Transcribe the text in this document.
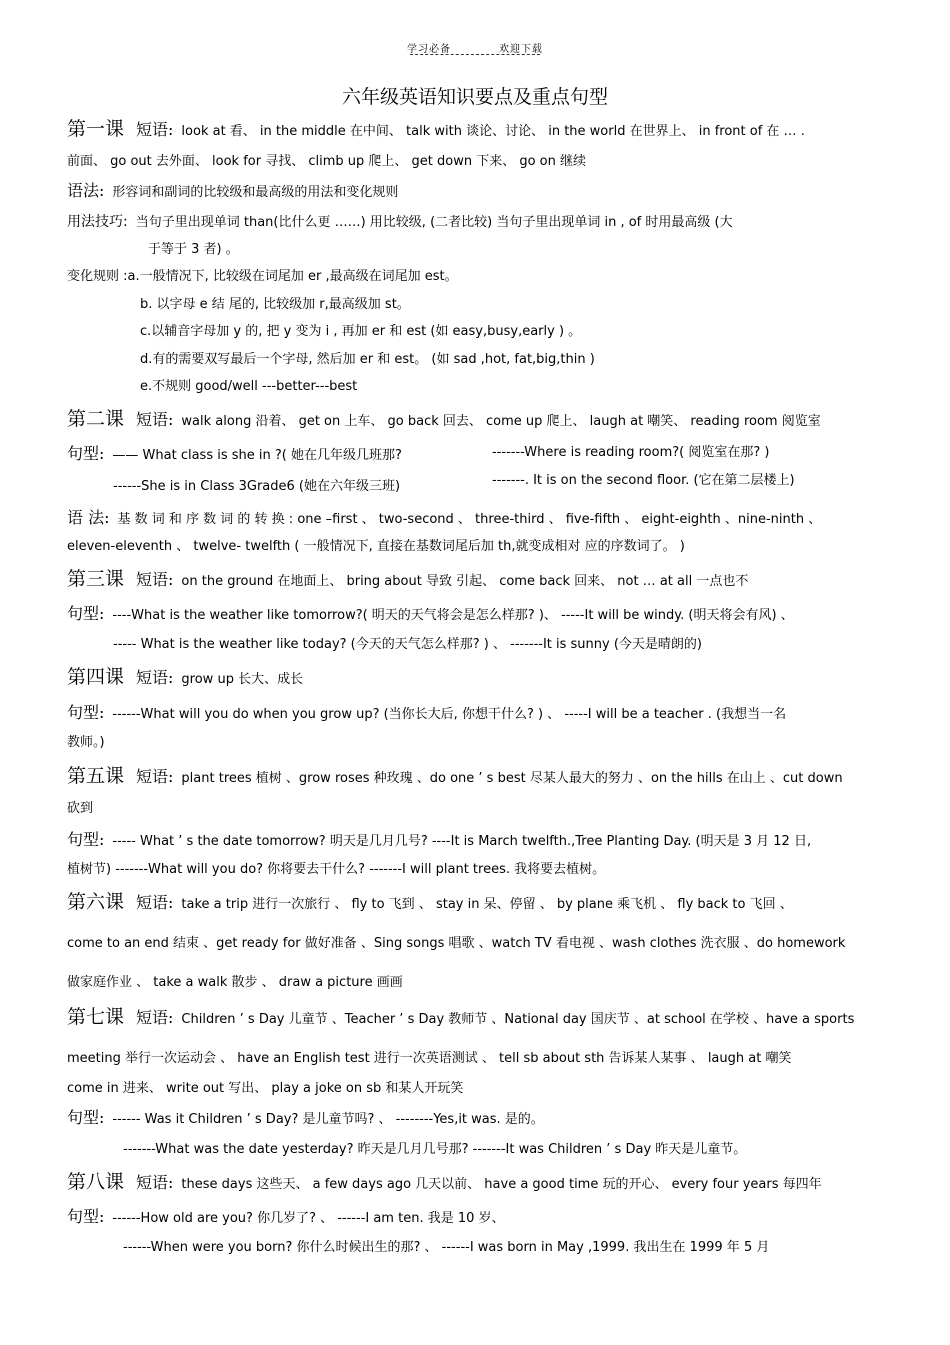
学习必备	欢迎下载
六年级英语知识要点及重点句型
第一课 短语: look at 看、 in the middle 在中间、 talk with 谈论、讨论、 in the world 在世界上、 in front of 在 … .
前面、 go out 去外面、 look for 寻找、 climb up 爬上、 get down 下来、 go on 继续
语法: 形容词和副词的比较级和最高级的用法和变化规则
用法技巧: 当句子里出现单词 than(比什么更 ……) 用比较级, (二者比较) 当句子里出现单词 in , of 时用最高级 (大
于等于 3 者) 。
变化规则 :a.一般情况下, 比较级在词尾加 er ,最高级在词尾加 est。
b. 以字母 e 结 尾的, 比较级加 r,最高级加 st。
c.以辅音字母加 y 的, 把 y 变为 i , 再加 er 和 est (如 easy,busy,early ) 。
d.有的需要双写最后一个字母, 然后加 er 和 est。 (如 sad ,hot, fat,big,thin )
e.不规则 good/well ---better---best
第二课 短语: walk along 沿着、 get on 上车、 go back 回去、 come up 爬上、 laugh at 嘲笑、 reading room 阅览室
句型: —— What class is she in ?( 她在几年级几班那?	-------Where is reading room?( 阅览室在那? )
------She is in Class 3Grade6 (她在六年级三班)	-------. It is on the second floor. (它在第二层楼上)
语 法: 基 数 词 和 序 数 词 的 转 换 : one –first 、 two-second 、 three-third 、 five-fifth 、 eight-eighth 、nine-ninth 、
eleven-eleventh 、 twelve- twelfth ( 一般情况下, 直接在基数词尾后加 th,就变成相对 应的序数词了。 )
第三课 短语: on the ground 在地面上、 bring about 导致 引起、 come back 回来、 not … at all 一点也不
句型: ----What is the weather like tomorrow?( 明天的天气将会是怎么样那? )、 -----It will be windy. (明天将会有风) 、
----- What is the weather like today? (今天的天气怎么样那? ) 、 -------It is sunny (今天是晴朗的)
第四课 短语: grow up 长大、成长
句型: ------What will you do when you grow up? (当你长大后, 你想干什么? ) 、 -----I will be a teacher . (我想当一名
教师。)
第五课 短语: plant trees 植树 、grow roses 种玫瑰 、do one ’ s best 尽某人最大的努力 、on the hills 在山上 、cut down
砍到
句型: ----- What ’ s the date tomorrow? 明天是几月几号? ----It is March twelfth.,Tree Planting Day. (明天是 3 月 12 日,
植树节) -------What will you do? 你将要去干什么? -------I will plant trees. 我将要去植树。
第六课 短语: take a trip 进行一次旅行 、 fly to 飞到 、 stay in 呆、停留 、 by plane 乘飞机 、 fly back to 飞回 、
come to an end 结束 、get ready for 做好准备 、Sing songs 唱歌 、watch TV 看电视 、wash clothes 洗衣服 、do homework
做家庭作业 、 take a walk 散步 、 draw a picture 画画
第七课 短语: Children ’ s Day 儿童节 、Teacher ’ s Day 教师节 、National day 国庆节 、at school 在学校 、have a sports
meeting 举行一次运动会 、 have an English test 进行一次英语测试 、 tell sb about sth 告诉某人某事 、 laugh at 嘲笑
come in 进来、 write out 写出、 play a joke on sb 和某人开玩笑
句型: ------ Was it Children ’ s Day? 是儿童节吗? 、 --------Yes,it was. 是的。
-------What was the date yesterday? 昨天是几月几号那? -------It was Children ’ s Day 昨天是儿童节。
第八课 短语: these days 这些天、 a few days ago 几天以前、 have a good time 玩的开心、 every four years 每四年
句型: ------How old are you? 你几岁了? 、 ------I am ten. 我是 10 岁、
------When were you born? 你什么时候出生的那? 、 ------I was born in May ,1999. 我出生在 1999 年 5 月
